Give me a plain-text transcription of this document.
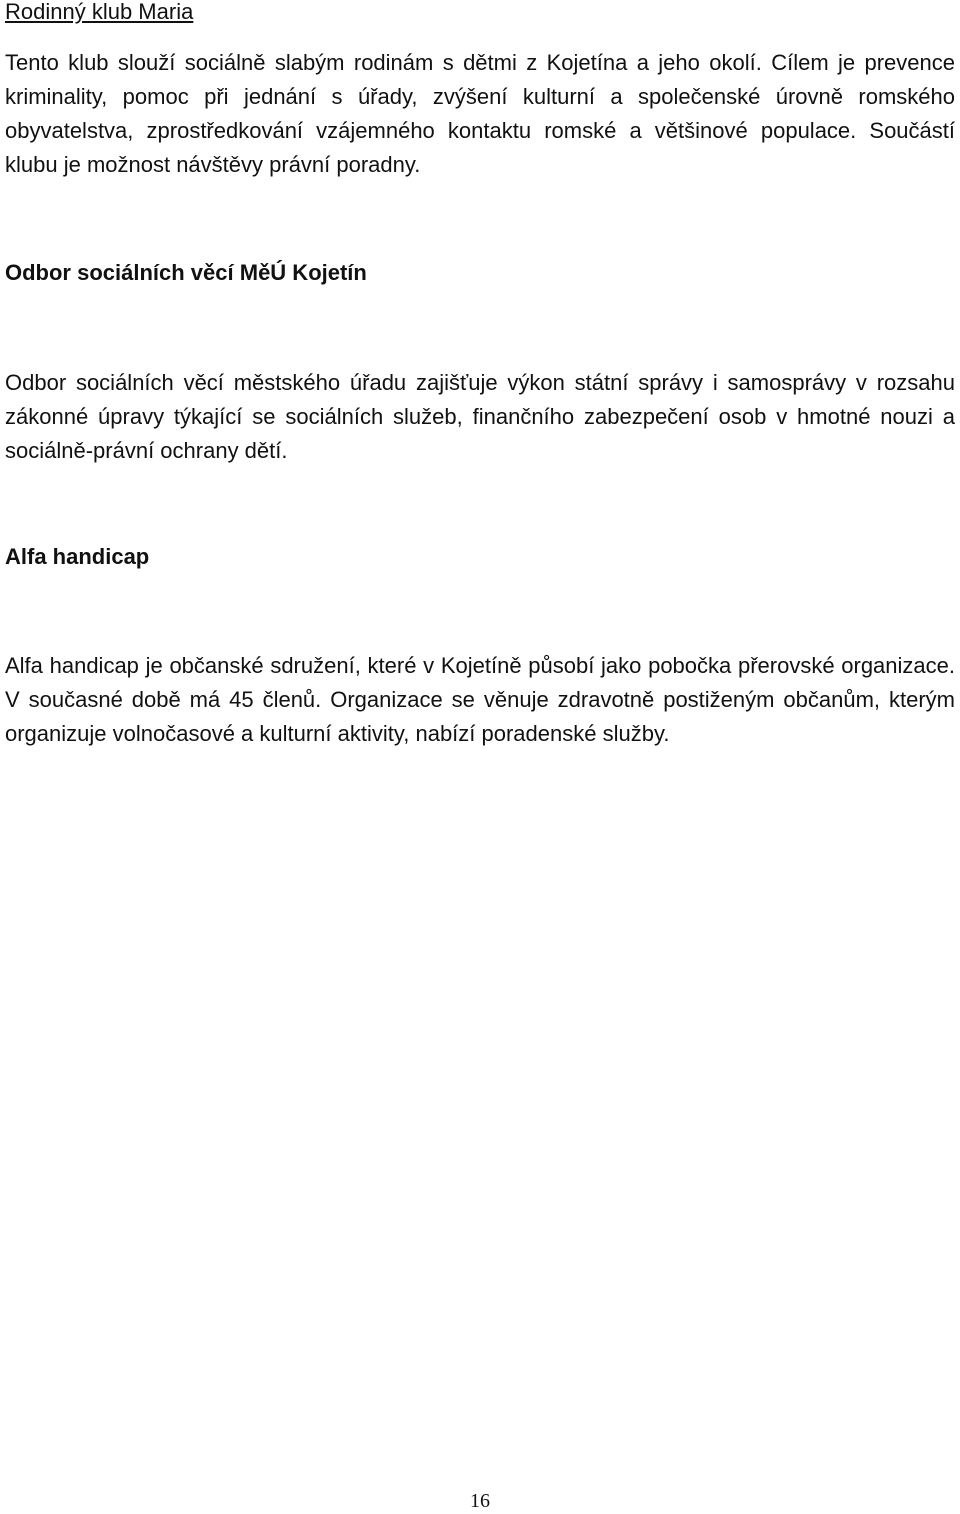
Rodinný klub Maria

Tento klub slouží sociálně slabým rodinám s dětmi z Kojetína a jeho okolí. Cílem je prevence kriminality, pomoc při jednání s úřady, zvýšení kulturní a společenské úrovně romského obyvatelstva, zprostředkování vzájemného kontaktu romské a většinové populace. Součástí klubu je možnost návštěvy právní poradny.

Odbor sociálních věcí MěÚ Kojetín

Odbor sociálních věcí městského úřadu zajišťuje výkon státní správy i samosprávy v rozsahu zákonné úpravy týkající se sociálních služeb, finančního zabezpečení osob v hmotné nouzi a sociálně-právní ochrany dětí.

Alfa handicap

Alfa handicap je občanské sdružení, které v Kojetíně působí jako pobočka přerovské organizace. V současné době má 45 členů. Organizace se věnuje zdravotně postiženým občanům, kterým organizuje volnočasové a kulturní aktivity, nabízí poradenské služby.

16
